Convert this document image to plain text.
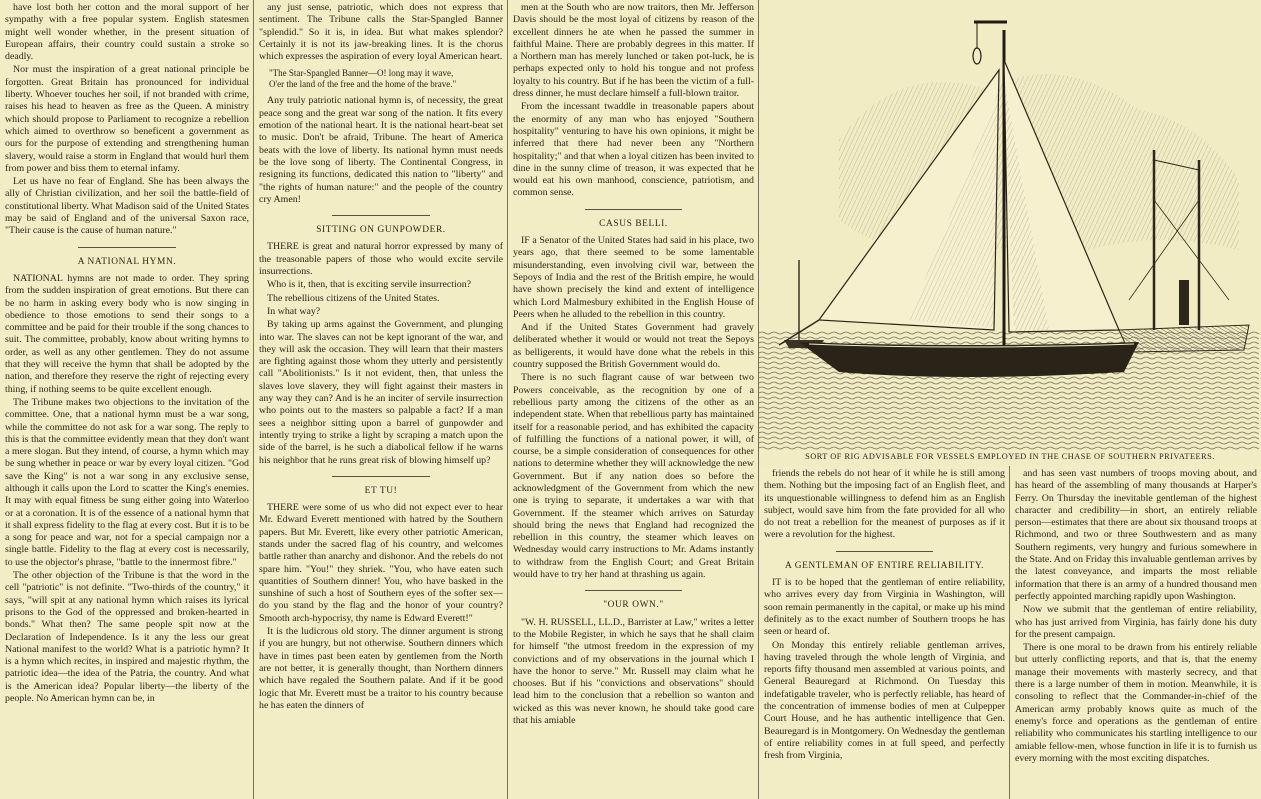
have lost both her cotton and the moral support of her sympathy with a free popular system. English statesmen might well wonder whether, in the present situation of European affairs, their country could sustain a stroke so deadly.

Nor must the inspiration of a great national principle be forgotten. Great Britain has pronounced for individual liberty. Whoever touches her soil, if not branded with crime, raises his head to heaven as free as the Queen. A ministry which should propose to Parliament to recognize a rebellion which aimed to overthrow so beneficent a government as ours for the purpose of extending and strengthening human slavery, would raise a storm in England that would hurl them from power and biss them to eternal infamy.

Let us have no fear of England. She has been always the ally of Christian civilization, and her soil the battle-field of constitutional liberty. What Madison said of the United States may be said of England and of the universal Saxon race, "Their cause is the cause of human nature."

A NATIONAL HYMN.

NATIONAL hymns are not made to order. They spring from the sudden inspiration of great emotions. But there can be no harm in asking every body who is now singing in obedience to those emotions to send their songs to a committee and be paid for their trouble if the song chances to suit. The committee, probably, know about writing hymns to order, as well as any other gentlemen. They do not assume that they will receive the hymn that shall be adopted by the nation, and therefore they reserve the right of rejecting every thing, if nothing seems to be quite excellent enough.

The Tribune makes two objections to the invitation of the committee. One, that a national hymn must be a war song, while the committee do not ask for a war song. The reply to this is that the committee evidently mean that they don't want a mere slogan. But they intend, of course, a hymn which may be sung whether in peace or war by every loyal citizen. "God save the King" is not a war song in any exclusive sense, although it calls upon the Lord to scatter the King's enemies. It may with equal fitness be sung either going into Waterloo or at a coronation. It is of the essence of a national hymn that it shall express fidelity to the flag at every cost. But it is to be a song for peace and war, not for a special campaign nor a single battle. Fidelity to the flag at every cost is necessarily, to use the objector's phrase, "battle to the innermost fibre."

The other objection of the Tribune is that the word in the cell "patriotic" is not definite. "Two-thirds of the country," it says, "will spit at any national hymn which raises its lyrical prisons to the God of the oppressed and broken-hearted in bonds." What then? The same people spit now at the Declaration of Independence. Is it any the less our great National manifest to the world? What is a patriotic hymn? It is a hymn which recites, in inspired and majestic rhythm, the patriotic idea—the idea of the Patria, the country. And what is the American idea? Popular liberty—the liberty of the people. No American hymn can be, in

any just sense, patriotic, which does not express that sentiment. The Tribune calls the Star-Spangled Banner "splendid." So it is, in idea. But what makes splendor? Certainly it is not its jaw-breaking lines. It is the chorus which expresses the aspiration of every loyal American heart.

"The Star-Spangled Banner—O! long may it wave,
O'er the land of the free and the home of the brave."

Any truly patriotic national hymn is, of necessity, the great peace song and the great war song of the nation. It fits every emotion of the national heart. It is the national heart-beat set to music. Don't be afraid, Tribune. The heart of America beats with the love of liberty. Its national hymn must needs be the love song of liberty. The Continental Congress, in resigning its functions, dedicated this nation to "liberty" and "the rights of human nature:" and the people of the country cry Amen!

SITTING ON GUNPOWDER.

THERE is great and natural horror expressed by many of the treasonable papers of those who would excite servile insurrections.

Who is it, then, that is exciting servile insurrection?

The rebellious citizens of the United States.

In what way?

By taking up arms against the Government, and plunging into war. The slaves can not be kept ignorant of the war, and they will ask the occasion. They will learn that their masters are fighting against those whom they utterly and persistently call "Abolitionists." Is it not evident, then, that unless the slaves love slavery, they will fight against their masters in any way they can? And is he an inciter of servile insurrection who points out to the masters so palpable a fact? If a man sees a neighbor sitting upon a barrel of gunpowder and intently trying to strike a light by scraping a match upon the side of the barrel, is he such a diabolical fellow if he warns his neighbor that he runs great risk of blowing himself up?

ET TU!

THERE were some of us who did not expect ever to hear Mr. Edward Everett mentioned with hatred by the Southern papers. But Mr. Everett, like every other patriotic American, stands under the sacred flag of his country, and welcomes battle rather than anarchy and dishonor. And the rebels do not spare him. "You!" they shriek. "You, who have eaten such quantities of Southern dinner! You, who have basked in the sunshine of such a host of Southern eyes of the softer sex—do you stand by the flag and the honor of your country? Smooth arch-hypocrisy, thy name is Edward Everett!"

It is the ludicrous old story. The dinner argument is strong if you are hungry, but not otherwise. Southern dinners which have in times past been eaten by gentlemen from the North are not better, it is generally thought, than Northern dinners which have regaled the Southern palate. And if it be good logic that Mr. Everett must be a traitor to his country because he has eaten the dinners of

men at the South who are now traitors, then Mr. Jefferson Davis should be the most loyal of citizens by reason of the excellent dinners he ate when he passed the summer in faithful Maine. There are probably degrees in this matter. If a Northern man has merely lunched or taken pot-luck, he is perhaps expected only to hold his tongue and not profess loyalty to his country. But if he has been the victim of a full-dress dinner, he must declare himself a full-blown traitor.

From the incessant twaddle in treasonable papers about the enormity of any man who has enjoyed "Southern hospitality" venturing to have his own opinions, it might be inferred that there had never been any "Northern hospitality;" and that when a loyal citizen has been invited to dine in the sunny clime of treason, it was expected that he would eat his own manhood, conscience, patriotism, and common sense.

CASUS BELLI.

IF a Senator of the United States had said in his place, two years ago, that there seemed to be some lamentable misunderstanding, even involving civil war, between the Sepoys of India and the rest of the British empire, he would have shown precisely the kind and extent of intelligence which Lord Malmesbury exhibited in the English House of Peers when he alluded to the rebellion in this country.

And if the United States Government had gravely deliberated whether it would or would not treat the Sepoys as belligerents, it would have done what the rebels in this country supposed the British Government would do.

There is no such flagrant cause of war between two Powers conceivable, as the recognition by one of a rebellious party among the citizens of the other as an independent state. When that rebellious party has maintained itself for a reasonable period, and has exhibited the capacity of fulfilling the functions of a national power, it will, of course, be a simple consideration of consequences for other nations to determine whether they will acknowledge the new Government. But if any nation does so before the acknowledgment of the Government from which the new one is trying to separate, it undertakes a war with that Government. If the steamer which arrives on Saturday should bring the news that England had recognized the rebellion in this country, the steamer which leaves on Wednesday would carry instructions to Mr. Adams instantly to withdraw from the English Court; and Great Britain would have to try her hand at thrashing us again.

"OUR OWN."

"W. H. RUSSELL, LL.D., Barrister at Law," writes a letter to the Mobile Register, in which he says that he shall claim for himself "the utmost freedom in the expression of my convictions and of my observations in the journal which I have the honor to serve." Mr. Russell may claim what he chooses. But if his "convictions and observations" should lead him to the conclusion that a rebellion so wanton and wicked as this was never known, he should take good care that his amiable

SORT OF RIG ADVISABLE FOR VESSELS EMPLOYED IN THE CHASE OF SOUTHERN PRIVATEERS.

friends the rebels do not hear of it while he is still among them. Nothing but the imposing fact of an English fleet, and its unquestionable willingness to defend him as an English subject, would save him from the fate provided for all who do not treat a rebellion for the meanest of purposes as if it were a revolution for the highest.

A GENTLEMAN OF ENTIRE RELIABILITY.

IT is to be hoped that the gentleman of entire reliability, who arrives every day from Virginia in Washington, will soon remain permanently in the capital, or make up his mind definitely as to the exact number of Southern troops he has seen or heard of.

On Monday this entirely reliable gentleman arrives, having traveled through the whole length of Virginia, and reports fifty thousand men assembled at various points, and General Beauregard at Richmond. On Tuesday this indefatigable traveler, who is perfectly reliable, has heard of the concentration of immense bodies of men at Culpepper Court House, and he has authentic intelligence that Gen. Beauregard is in Montgomery. On Wednesday the gentleman of entire reliability comes in at full speed, and perfectly fresh from Virginia,

and has seen vast numbers of troops moving about, and has heard of the assembling of many thousands at Harper's Ferry. On Thursday the inevitable gentleman of the highest character and credibility—in short, an entirely reliable person—estimates that there are about six thousand troops at Richmond, and two or three Southwestern and as many Southern regiments, very hungry and furious somewhere in the State. And on Friday this invaluable gentleman arrives by the latest conveyance, and imparts the most reliable information that there is an army of a hundred thousand men perfectly appointed marching rapidly upon Washington.

Now we submit that the gentleman of entire reliability, who has just arrived from Virginia, has fairly done his duty for the present campaign.

There is one moral to be drawn from his entirely reliable but utterly conflicting reports, and that is, that the enemy manage their movements with masterly secrecy, and that there is a large number of them in motion. Meanwhile, it is consoling to reflect that the Commander-in-chief of the American army probably knows quite as much of the enemy's force and operations as the gentleman of entire reliability who communicates his startling intelligence to our amiable fellow-men, whose function in life it is to furnish us every morning with the most exciting dispatches.
